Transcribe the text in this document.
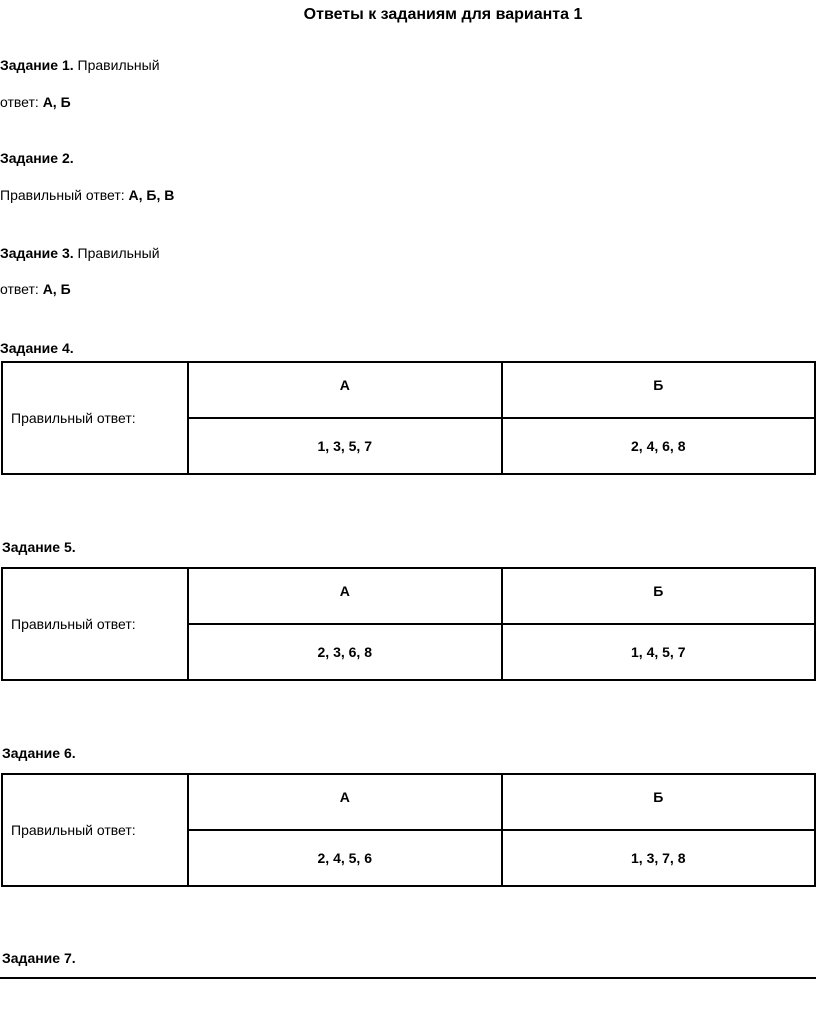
Ответы к заданиям для варианта 1
Задание 1. Правильный
ответ: А, Б
Задание 2.
Правильный ответ: А, Б, В
Задание 3. Правильный
ответ: А, Б
Задание 4.
Правильный ответ:	А	Б
	1, 3, 5, 7	2, 4, 6, 8
Задание 5.
Правильный ответ:	А	Б
	2, 3, 6, 8	1, 4, 5, 7
Задание 6.
Правильный ответ:	А	Б
	2, 4, 5, 6	1, 3, 7, 8
Задание 7.
